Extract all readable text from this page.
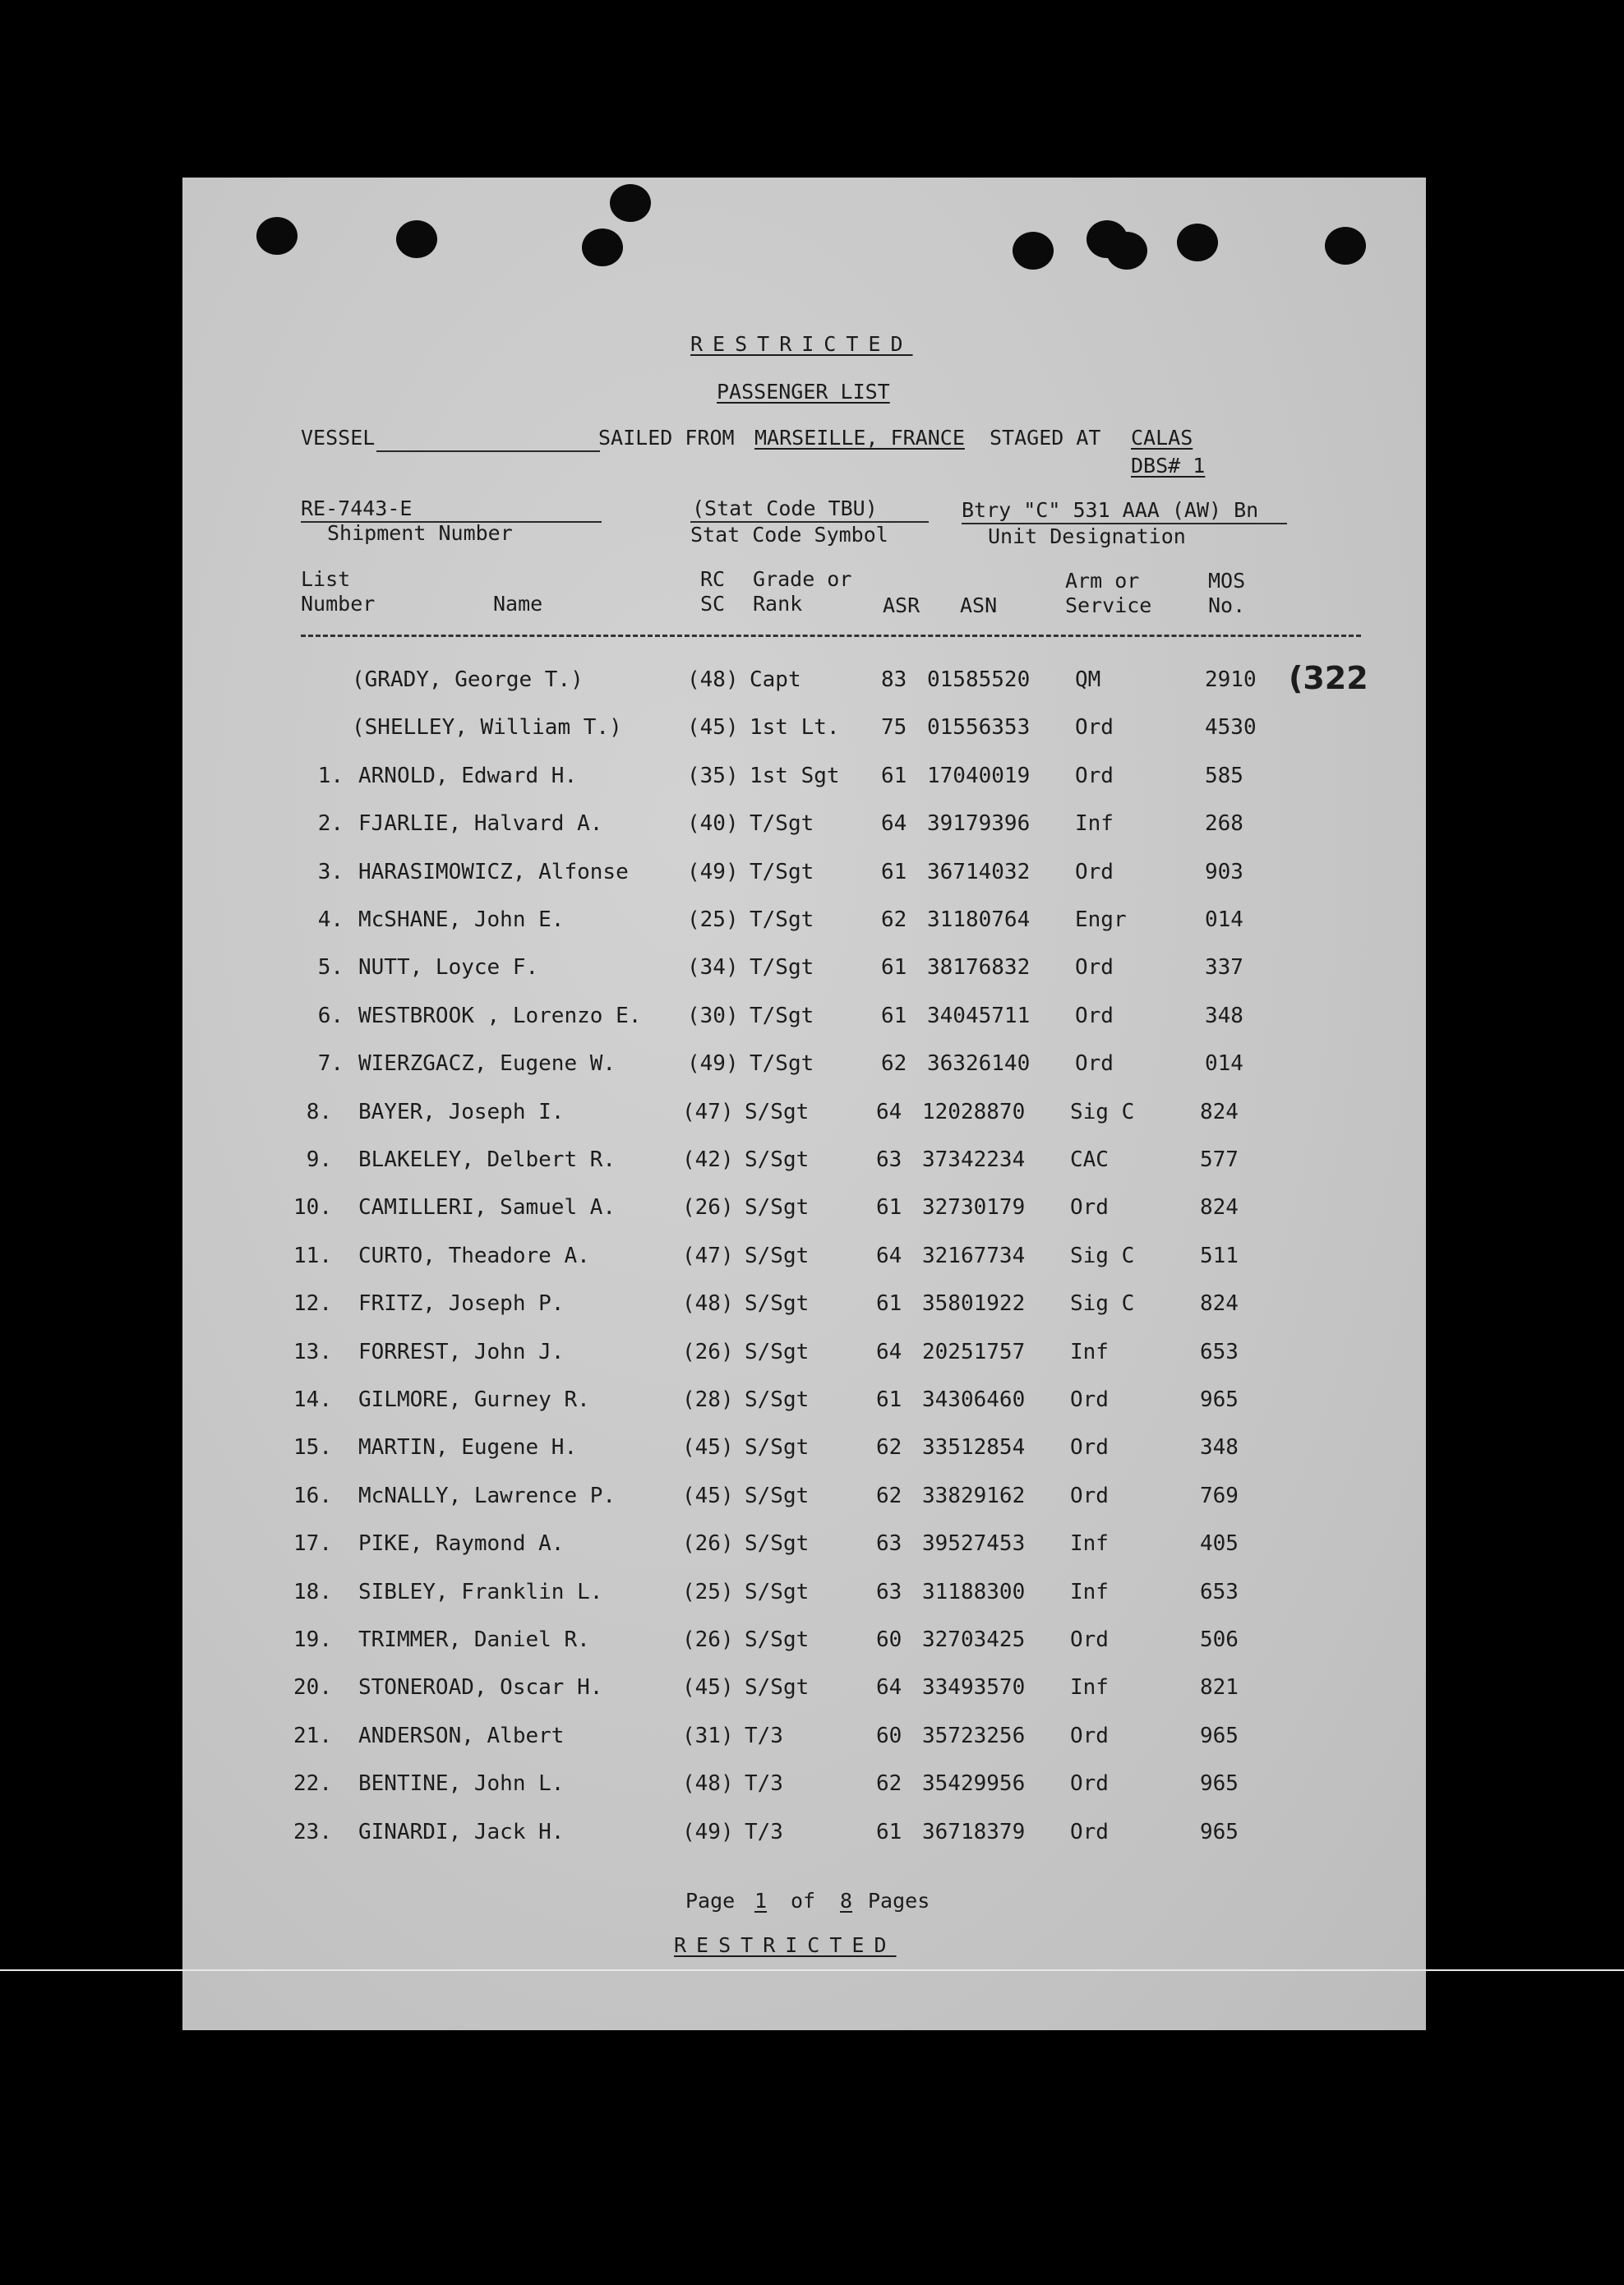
RESTRICTED
PASSENGER LIST
VESSEL	SAILED FROM MARSEILLE, FRANCE STAGED AT CALAS
DBS# 1
RE-7443-E
Shipment Number
(Stat Code TBU)
Stat Code Symbol
Btry "C" 531 AAA (AW) Bn
Unit Designation
List
Number	Name
RC
SC
Grade or
Rank	ASR ASN
Arm or
Service
MOS
No.
(GRADY, George T.)	(48) Capt	83 01585520 QM	2910
(SHELLEY, William T.)	(45) 1st Lt. 75 01556353 Ord	4530
1. ARNOLD, Edward H.	(35) 1st Sgt 61 17040019 Ord	585
2. FJARLIE, Halvard A.	(40) T/Sgt	64 39179396 Inf	268
3. HARASIMOWICZ, Alfonse	(49) T/Sgt	61 36714032 Ord	903
4. McSHANE, John E.	(25) T/Sgt	62 31180764 Engr	014
5. NUTT, Loyce F.	(34) T/Sgt	61 38176832 Ord	337
6. WESTBROOK , Lorenzo E. (30) T/Sgt	61 34045711 Ord	348
7. WIERZGACZ, Eugene W.	(49) T/Sgt	62 36326140 Ord	014
8. BAYER, Joseph I.	(47) S/Sgt	64 12028870 Sig C	824
9. BLAKELEY, Delbert R.	(42) S/Sgt	63 37342234 CAC	577
10. CAMILLERI, Samuel A.	(26) S/Sgt	61 32730179 Ord	824
11. CURTO, Theadore A.	(47) S/Sgt	64 32167734 Sig C	511
12. FRITZ, Joseph P.	(48) S/Sgt	61 35801922 Sig C	824
13. FORREST, John J.	(26) S/Sgt	64 20251757 Inf	653
14. GILMORE, Gurney R.	(28) S/Sgt	61 34306460 Ord	965
15. MARTIN, Eugene H.	(45) S/Sgt	62 33512854 Ord	348
16. McNALLY, Lawrence P.	(45) S/Sgt	62 33829162 Ord	769
17. PIKE, Raymond A.	(26) S/Sgt	63 39527453 Inf	405
18. SIBLEY, Franklin L.	(25) S/Sgt	63 31188300 Inf	653
19. TRIMMER, Daniel R.	(26) S/Sgt	60 32703425 Ord	506
20. STONEROAD, Oscar H.	(45) S/Sgt	64 33493570 Inf	821
21. ANDERSON, Albert	(31) T/3	60 35723256 Ord	965
22. BENTINE, John L.	(48) T/3	62 35429956 Ord	965
23. GINARDI, Jack H.	(49) T/3	61 36718379 Ord	965
(322
Page 1 of 8 Pages
RESTRICTED
